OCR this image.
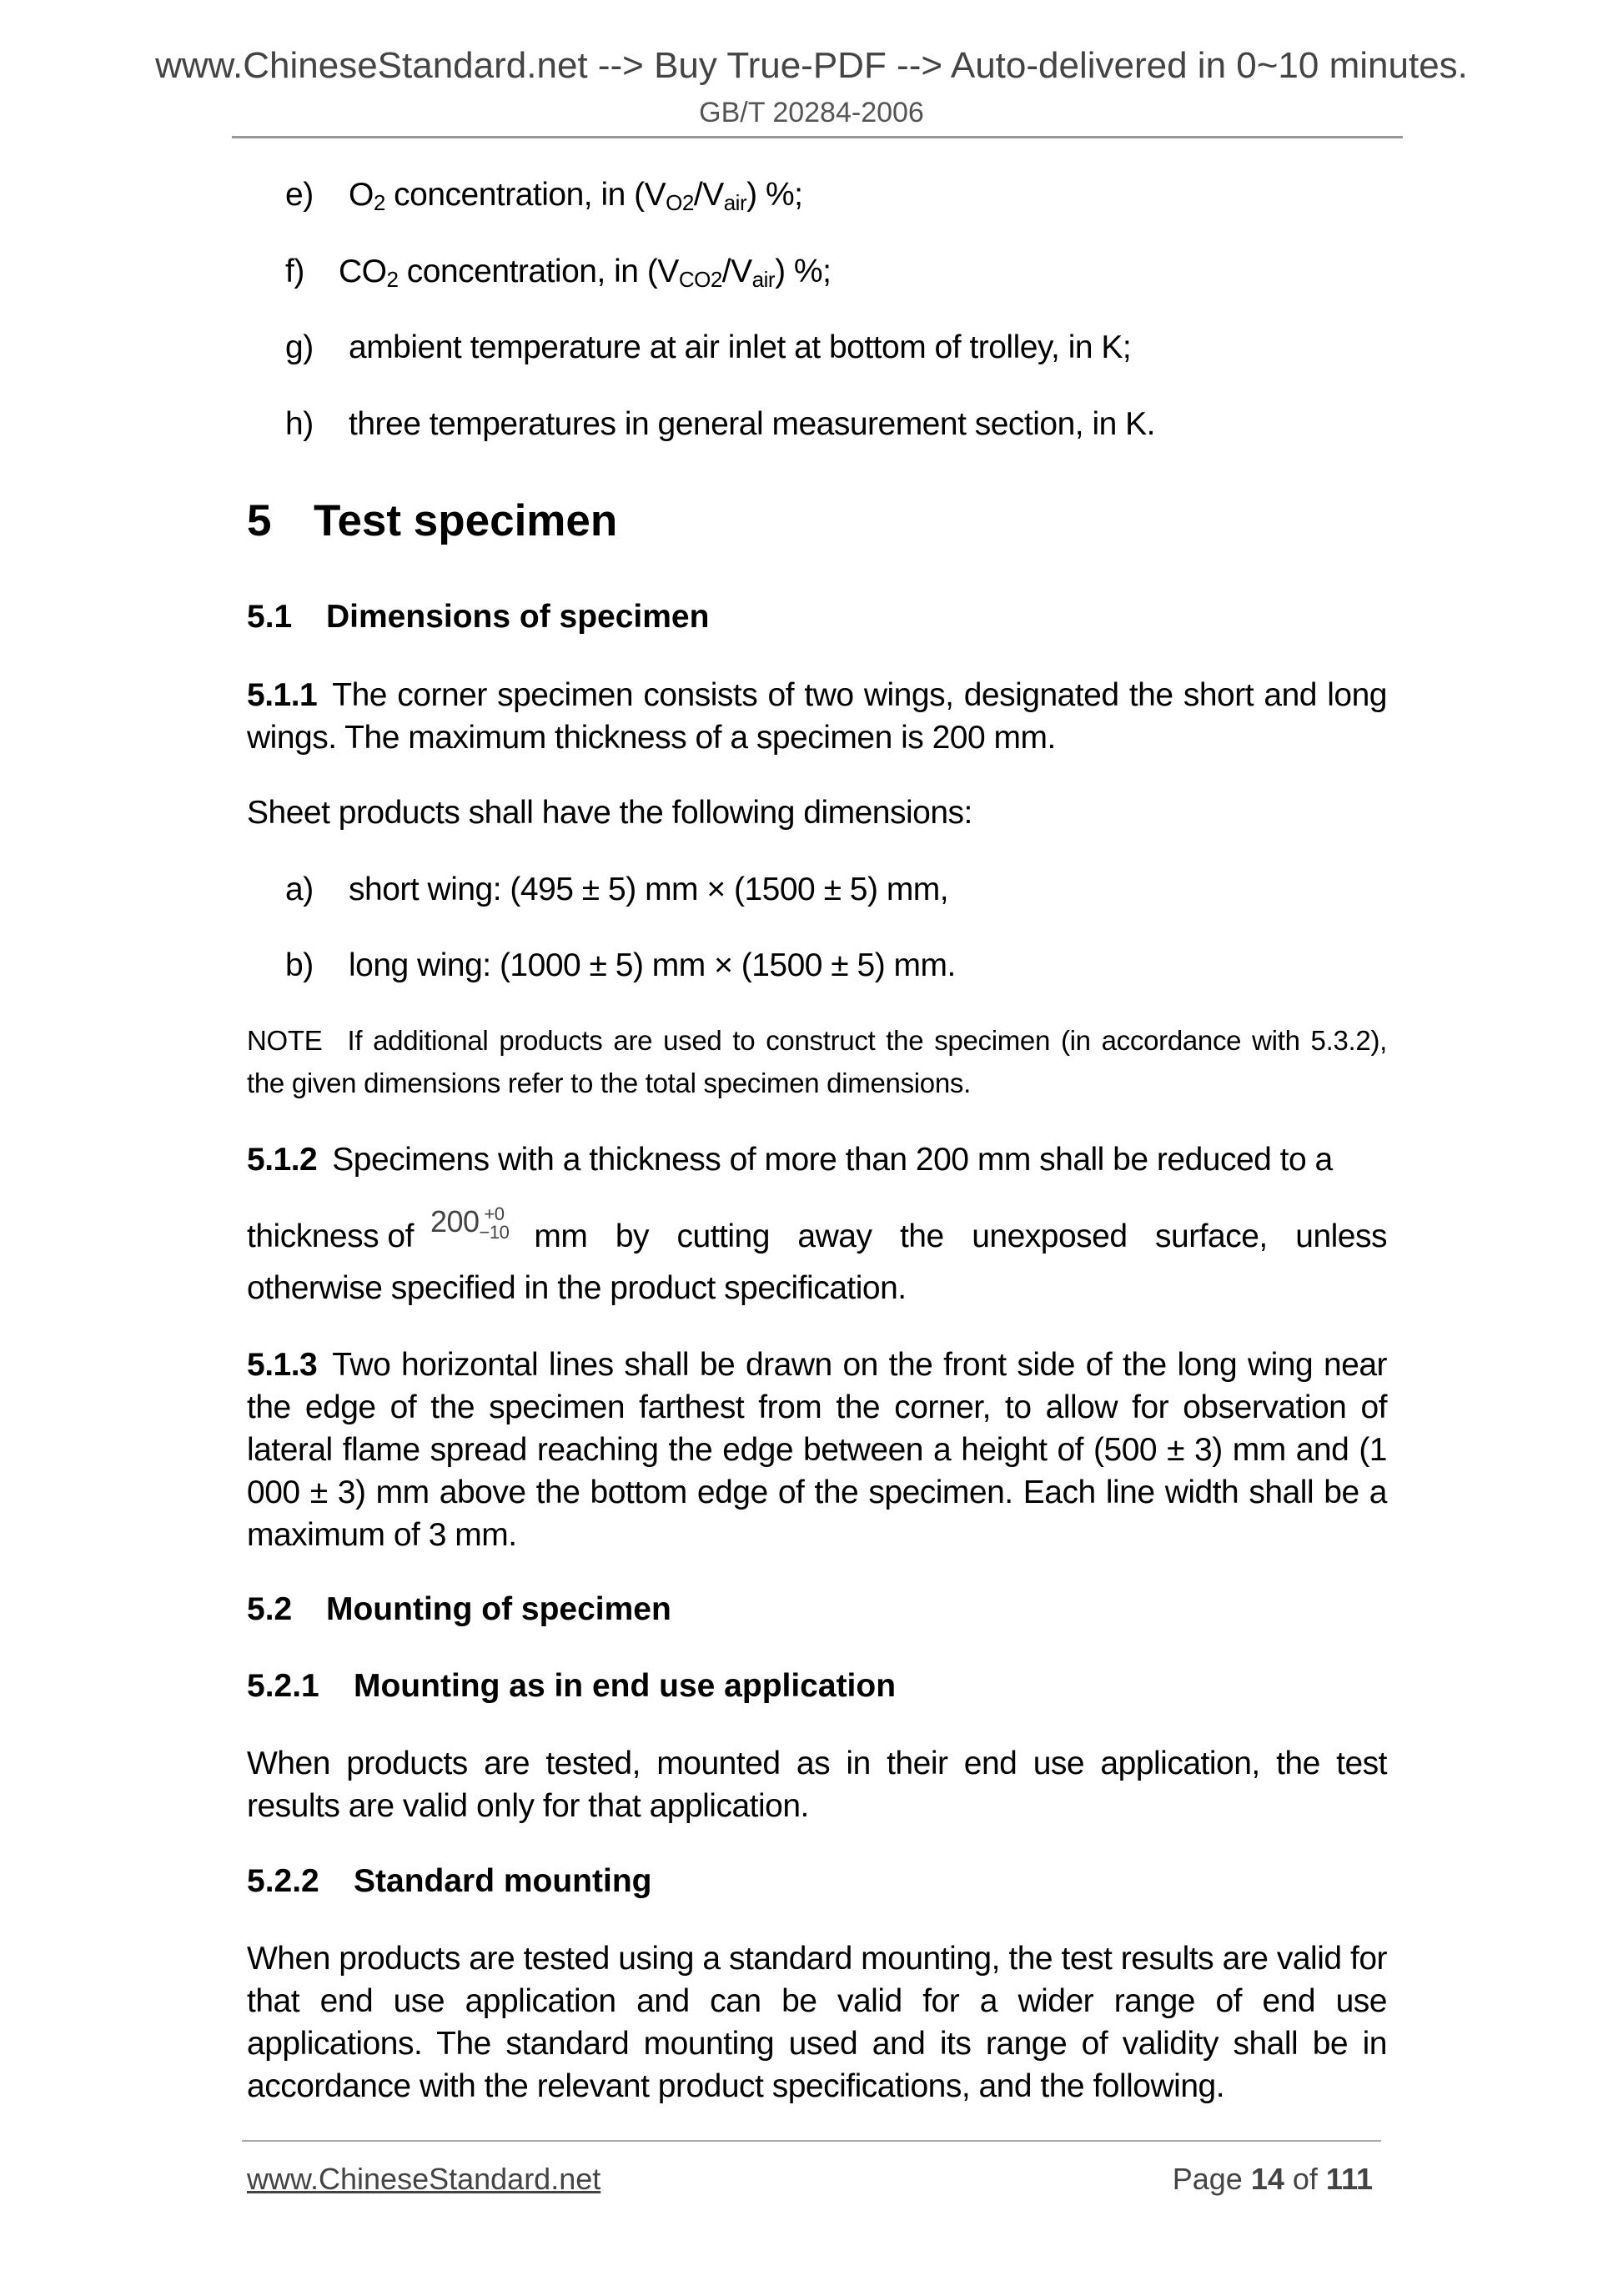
www.ChineseStandard.net --> Buy True-PDF --> Auto-delivered in 0~10 minutes.
GB/T 20284-2006
e) $O_2$ concentration, in $(V_{O2}/V_{air})$ %;
f) $CO_2$ concentration, in $(V_{CO2}/V_{air})$ %;
g) ambient temperature at air inlet at bottom of trolley, in K;
h) three temperatures in general measurement section, in K.
5 Test specimen
5.1 Dimensions of specimen
5.1.1 The corner specimen consists of two wings, designated the short and long wings. The maximum thickness of a specimen is 200 mm.
Sheet products shall have the following dimensions:
a) short wing: (495 ± 5) mm × (1500 ± 5) mm,
b) long wing: (1000 ± 5) mm × (1500 ± 5) mm.
NOTE If additional products are used to construct the specimen (in accordance with 5.3.2), the given dimensions refer to the total specimen dimensions.
5.1.2 Specimens with a thickness of more than 200 mm shall be reduced to a
thickness of 200 +0
−10 mm by cutting away the unexposed surface, unless
otherwise specified in the product specification.
5.1.3 Two horizontal lines shall be drawn on the front side of the long wing near the edge of the specimen farthest from the corner, to allow for observation of lateral flame spread reaching the edge between a height of (500 ± 3) mm and (1 000 ± 3) mm above the bottom edge of the specimen. Each line width shall be a maximum of 3 mm.
5.2 Mounting of specimen
5.2.1 Mounting as in end use application
When products are tested, mounted as in their end use application, the test results are valid only for that application.
5.2.2 Standard mounting
When products are tested using a standard mounting, the test results are valid for that end use application and can be valid for a wider range of end use applications. The standard mounting used and its range of validity shall be in accordance with the relevant product specifications, and the following.
www.ChineseStandard.net	Page 14 of 111
